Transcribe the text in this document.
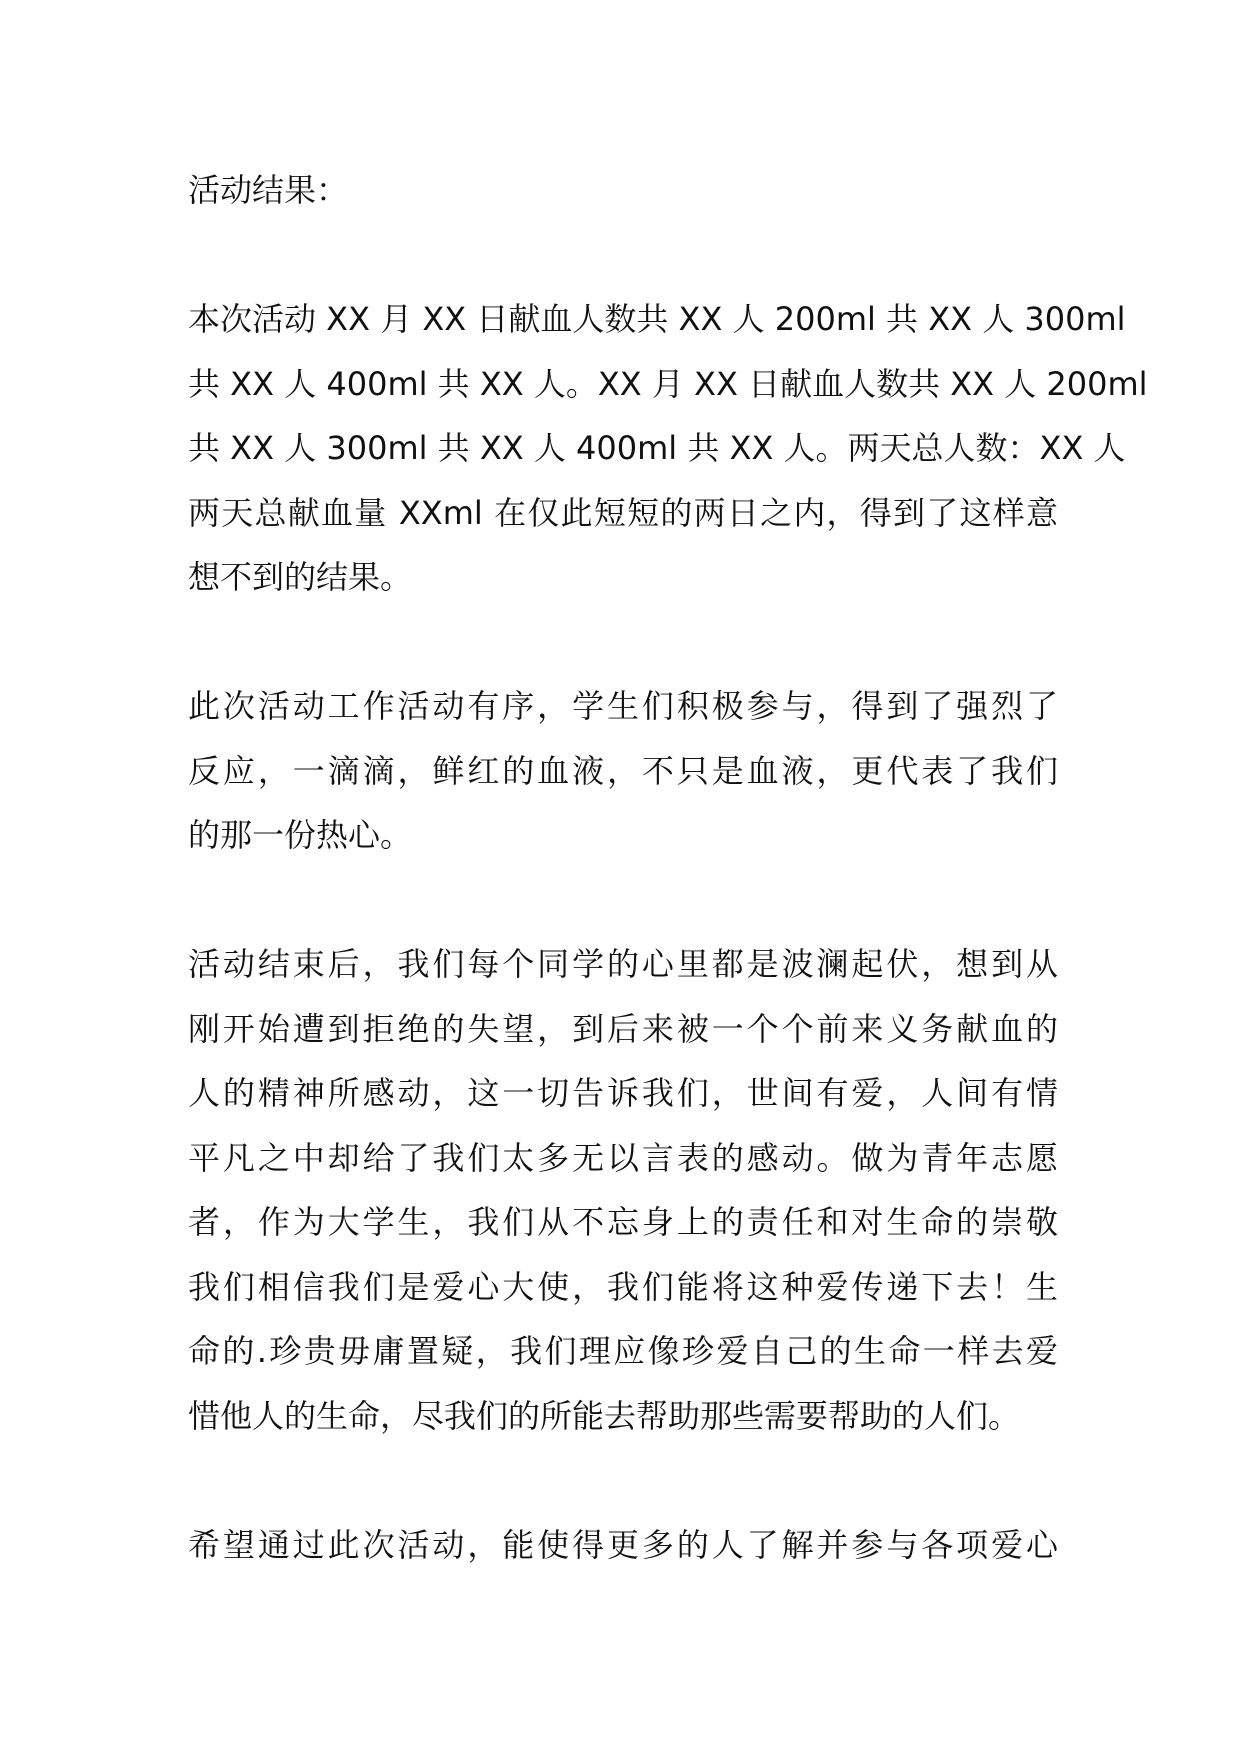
活动结果：

本次活动 XX 月 XX 日献血人数共 XX 人 200ml 共 XX 人 300ml
共 XX 人 400ml 共 XX 人。XX 月 XX 日献血人数共 XX 人 200ml
共 XX 人 300ml 共 XX 人 400ml 共 XX 人。两天总人数：XX 人
两天总献血量 XXml 在仅此短短的两日之内，得到了这样意
想不到的结果。

此次活动工作活动有序，学生们积极参与，得到了强烈了
反应，一滴滴，鲜红的血液，不只是血液，更代表了我们
的那一份热心。

活动结束后，我们每个同学的心里都是波澜起伏，想到从
刚开始遭到拒绝的失望，到后来被一个个前来义务献血的
人的精神所感动，这一切告诉我们，世间有爱，人间有情
平凡之中却给了我们太多无以言表的感动。做为青年志愿
者，作为大学生，我们从不忘身上的责任和对生命的崇敬
我们相信我们是爱心大使，我们能将这种爱传递下去！生
命的.珍贵毋庸置疑，我们理应像珍爱自己的生命一样去爱
惜他人的生命，尽我们的所能去帮助那些需要帮助的人们。

希望通过此次活动，能使得更多的人了解并参与各项爱心
